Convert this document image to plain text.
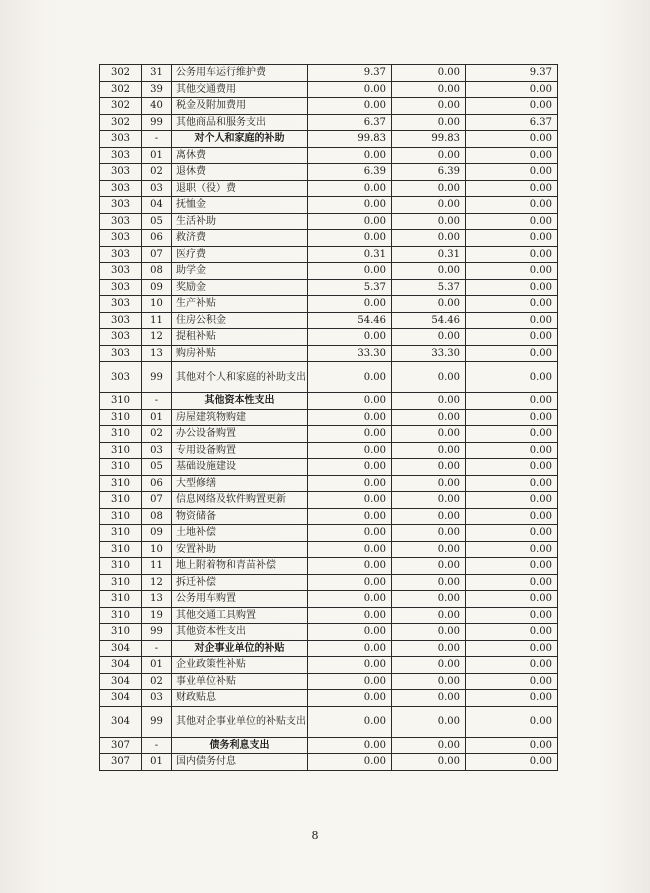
302	31	公务用车运行维护费	9.37	0.00	9.37
302	39	其他交通费用	0.00	0.00	0.00
302	40	税金及附加费用	0.00	0.00	0.00
302	99	其他商品和服务支出	6.37	0.00	6.37
303	-	对个人和家庭的补助	99.83	99.83	0.00
303	01	离休费	0.00	0.00	0.00
303	02	退休费	6.39	6.39	0.00
303	03	退职（役）费	0.00	0.00	0.00
303	04	抚恤金	0.00	0.00	0.00
303	05	生活补助	0.00	0.00	0.00
303	06	救济费	0.00	0.00	0.00
303	07	医疗费	0.31	0.31	0.00
303	08	助学金	0.00	0.00	0.00
303	09	奖励金	5.37	5.37	0.00
303	10	生产补贴	0.00	0.00	0.00
303	11	住房公积金	54.46	54.46	0.00
303	12	提租补贴	0.00	0.00	0.00
303	13	购房补贴	33.30	33.30	0.00
303	99	其他对个人和家庭的补助支出	0.00	0.00	0.00
310	-	其他资本性支出	0.00	0.00	0.00
310	01	房屋建筑物购建	0.00	0.00	0.00
310	02	办公设备购置	0.00	0.00	0.00
310	03	专用设备购置	0.00	0.00	0.00
310	05	基础设施建设	0.00	0.00	0.00
310	06	大型修缮	0.00	0.00	0.00
310	07	信息网络及软件购置更新	0.00	0.00	0.00
310	08	物资储备	0.00	0.00	0.00
310	09	土地补偿	0.00	0.00	0.00
310	10	安置补助	0.00	0.00	0.00
310	11	地上附着物和青苗补偿	0.00	0.00	0.00
310	12	拆迁补偿	0.00	0.00	0.00
310	13	公务用车购置	0.00	0.00	0.00
310	19	其他交通工具购置	0.00	0.00	0.00
310	99	其他资本性支出	0.00	0.00	0.00
304	-	对企事业单位的补贴	0.00	0.00	0.00
304	01	企业政策性补贴	0.00	0.00	0.00
304	02	事业单位补贴	0.00	0.00	0.00
304	03	财政贴息	0.00	0.00	0.00
304	99	其他对企事业单位的补贴支出	0.00	0.00	0.00
307	-	债务利息支出	0.00	0.00	0.00
307	01	国内债务付息	0.00	0.00	0.00
8
